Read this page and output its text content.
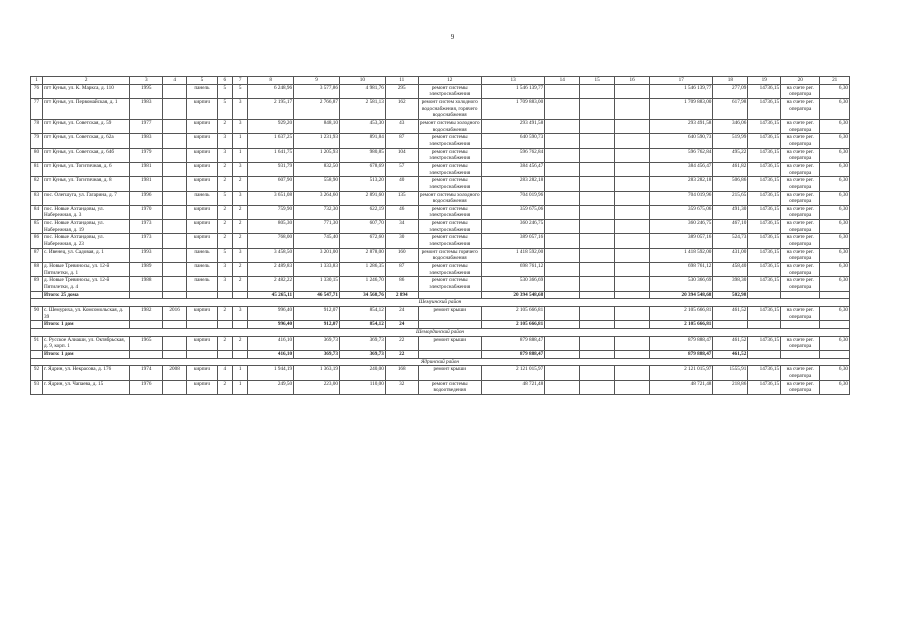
9
1	2	3	4	5	6	7	8	9	10	11	12	13	14	15	16	17	18	19	20	21
76	пгт Кунья, ул. К. Маркса, д. 110	1995		панель	5	5	6 248,96	3 577,86	4 981,76	295	ремонт системы электроснабжения	1 546 139,77				1 546 139,77	277,09	14736,15	на счете рег. оператора	6,30
77	пгт Кунья, ул. Первомайская, д. 1	1983		кирпич	5	3	2 195,17	2 766,87	2 581,13	162	ремонт систем холодного водоснабжения, горячего водоснабжения	1 709 883,00				1 709 883,00	617,98	14736,15	на счете рег. оператора	6,30
78	пгт Кунья, ул. Советская, д. 59	1977		кирпич	2	3	929,20	848,10	453,30	43	ремонт системы холодного водоснабжения	293 491,58				293 491,58	346,06	14736,15	на счете рег. оператора	6,30
79	пгт Кунья, ул. Советская, д. 62а	1983		кирпич	3	1	1 637,25	1 231,93	891,84	87	ремонт системы электроснабжения	640 590,73				640 590,73	519,99	14736,15	на счете рег. оператора	6,30
80	пгт Кунья, ул. Советская, д. 64б	1979		кирпич	3	1	1 641,75	1 205,93	980,85	104	ремонт системы электроснабжения	596 762,84				596 762,84	495,22	14736,15	на счете рег. оператора	6,30
81	пгт Кунья, ул. Тогитичная, д. 6	1981		кирпич	2	3	931,79	832,50	678,69	57	ремонт системы электроснабжения	384 456,47				384 456,47	461,82	14736,15	на счете рег. оператора	6,30
82	пгт Кунья, ул. Тогитичная, д. 8	1981		кирпич	2	2	607,90	558,90	513,20	40	ремонт системы электроснабжения	283 282,18				283 282,18	506,86	14736,15	на счете рег. оператора	6,30
83	пос. Олегшуга, ул. Гагарина, д. 7	1996		панель	5	3	3 651,08	3 264,60	2 891,60	135	ремонт системы холодного водоснабжения	704 019,96				704 019,96	215,65	14736,15	на счете рег. оператора	6,30
84	пос. Новые Ахтандовы, ул. Набережная, д. 3	1970		кирпич	2	2	759,90	732,30	622,19	46	ремонт системы электроснабжения	359 675,06				359 675,06	491,30	14736,15	на счете рег. оператора	6,30
85	пос. Новые Ахтандовы, ул. Набережная, д. 19	1973		кирпич	2	2	805,30	771,30	607,70	34	ремонт системы электроснабжения	360 246,75				360 246,75	467,10	14736,15	на счете рег. оператора	6,30
86	пос. Новые Ахтандовы, ул. Набережная, д. 23	1973		кирпич	2	2	768,00	745,40	672,60	30	ремонт системы электроснабжения	389 057,16				389 057,16	524,73	14736,15	на счете рег. оператора	6,30
87	с. Ивенец, ул. Садовая, д. 1	1993		панель	5	3	3 458,50	3 201,00	2 878,00	160	ремонт системы горячего водоснабжения	1 418 592,00				1 418 592,00	431,00	14736,15	на счете рег. оператора	6,30
88	д. Новые Тревиносы, ул. 12-й Пятилетки, д. 1	1989		панель	3	2	2 489,83	1 333,83	1 286,35	87	ремонт системы электроснабжения	698 761,12				698 761,12	458,40	14736,15	на счете рег. оператора	6,30
89	д. Новые Тревиносы, ул. 12-й Пятилетки, д. 4	1988		панель	3	2	2 482,22	1 330,15	1 246,70	86	ремонт системы электроснабжения	530 366,69				530 366,69	398,30	14736,15	на счете рег. оператора	6,30
	Итого: 25 дома						45 265,11	46 547,71	34 568,76	2 894		20 394 548,68				20 394 548,68	502,98			
Шемуинский район																				
90	с. Шемуриха, ул. Комсомольская, д. 39	1982	2016	кирпич	2	3	996,40	912,07	854,12	24	ремонт крыши	2 105 666,81				2 105 666,81	461,52	14736,15	на счете рег. оператора	6,30
	Итого: 1 дом						996,40	912,07	854,12	24		2 105 666,81				2 105 666,81				
Шемординский район																				
91	с. Русское Алиаши, ул. Октябрьская, д. 9, корп. 1	1965		кирпич	2	2	416,10	369,73	369,73	22	ремонт крыши	879 888,47				879 888,47	461,52	14736,15	на счете рег. оператора	6,30
	Итого: 1 дом						416,10	369,73	369,73	22		879 888,47				879 888,47	461,52			
Ядринский район																				
92	г. Ядрин, ул. Некрасова, д. 176	1974	2008	кирпич	4	1	1 944,19	1 363,19	240,00	168	ремонт крыши	2 121 015,97				2 121 015,97	1555,91	14736,15	на счете рег. оператора	6,30
93	г. Ядрин, ул. Чапаева, д. 15	1976		кирпич	2	1	249,50	223,00	110,00	32	ремонт системы водоотведения	48 721,48				48 721,48	218,86	14736,15	на счете рег. оператора	6,30
